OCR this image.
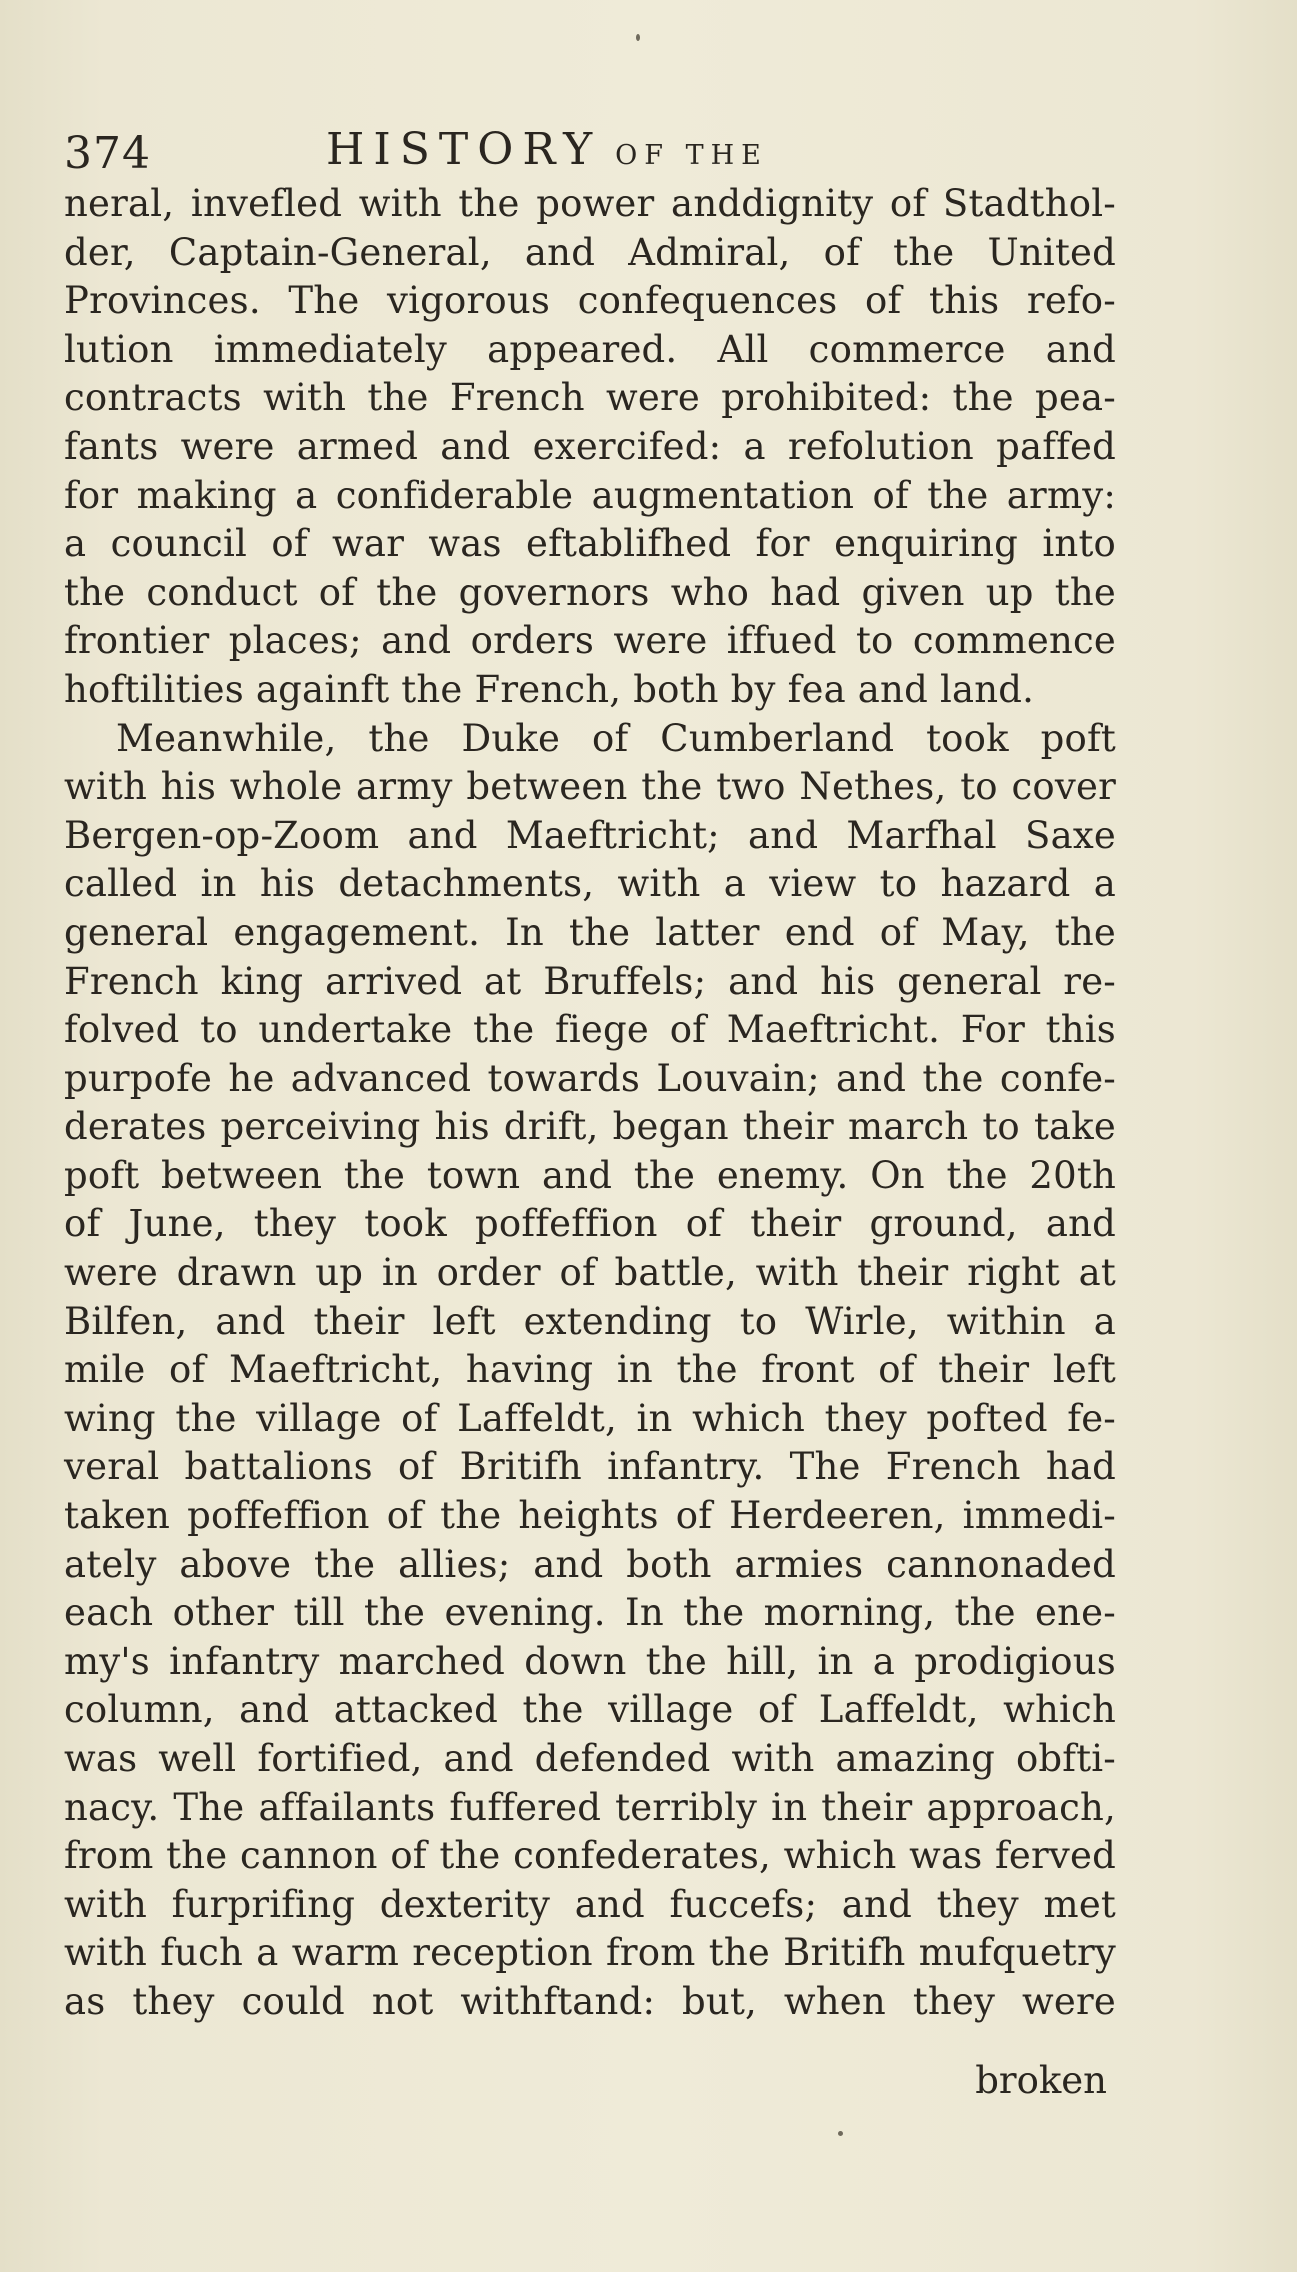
374	HISTORY OF THE
neral, invefled with the power anddignity of Stadthol-
der, Captain-General, and Admiral, of the United
Provinces. The vigorous confequences of this refo-
lution immediately appeared. All commerce and
contracts with the French were prohibited: the pea-
fants were armed and exercifed: a refolution paffed
for making a confiderable augmentation of the army:
a council of war was eftablifhed for enquiring into
the conduct of the governors who had given up the
frontier places; and orders were iffued to commence
hoftilities againft the French, both by fea and land.
Meanwhile, the Duke of Cumberland took poft
with his whole army between the two Nethes, to cover
Bergen-op-Zoom and Maeftricht; and Marfhal Saxe
called in his detachments, with a view to hazard a
general engagement. In the latter end of May, the
French king arrived at Bruffels; and his general re-
folved to undertake the fiege of Maeftricht. For this
purpofe he advanced towards Louvain; and the confe-
derates perceiving his drift, began their march to take
poft between the town and the enemy. On the 20th
of June, they took poffeffion of their ground, and
were drawn up in order of battle, with their right at
Bilfen, and their left extending to Wirle, within a
mile of Maeftricht, having in the front of their left
wing the village of Laffeldt, in which they pofted fe-
veral battalions of Britifh infantry. The French had
taken poffeffion of the heights of Herdeeren, immedi-
ately above the allies; and both armies cannonaded
each other till the evening. In the morning, the ene-
my's infantry marched down the hill, in a prodigious
column, and attacked the village of Laffeldt, which
was well fortified, and defended with amazing obfti-
nacy. The affailants fuffered terribly in their approach,
from the cannon of the confederates, which was ferved
with furprifing dexterity and fuccefs; and they met
with fuch a warm reception from the Britifh mufquetry
as they could not withftand: but, when they were
broken
